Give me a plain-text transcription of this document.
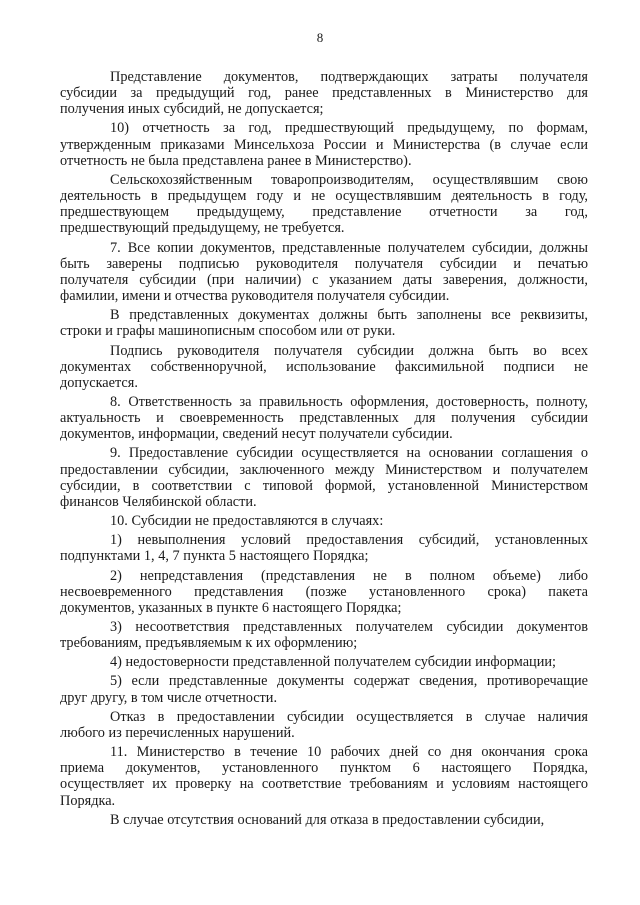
8
Представление документов, подтверждающих затраты получателя
субсидии за предыдущий год, ранее представленных в Министерство для
получения иных субсидий, не допускается;
10) отчетность за год, предшествующий предыдущему, по формам,
утвержденным приказами Минсельхоза России и Министерства (в случае если
отчетность не была представлена ранее в Министерство).
Сельскохозяйственным товаропроизводителям, осуществлявшим свою
деятельность в предыдущем году и не осуществлявшим деятельность в году,
предшествующем предыдущему, представление отчетности за год,
предшествующий предыдущему, не требуется.
7. Все копии документов, представленные получателем субсидии, должны
быть заверены подписью руководителя получателя субсидии и печатью
получателя субсидии (при наличии) с указанием даты заверения, должности,
фамилии, имени и отчества руководителя получателя субсидии.
В представленных документах должны быть заполнены все реквизиты,
строки и графы машинописным способом или от руки.
Подпись руководителя получателя субсидии должна быть во всех
документах собственноручной, использование факсимильной подписи не
допускается.
8. Ответственность за правильность оформления, достоверность, полноту,
актуальность и своевременность представленных для получения субсидии
документов, информации, сведений несут получатели субсидии.
9. Предоставление субсидии осуществляется на основании соглашения о
предоставлении субсидии, заключенного между Министерством и получателем
субсидии, в соответствии с типовой формой, установленной Министерством
финансов Челябинской области.
10. Субсидии не предоставляются в случаях:
1) невыполнения условий предоставления субсидий, установленных
подпунктами 1, 4, 7 пункта 5 настоящего Порядка;
2) непредставления (представления не в полном объеме) либо
несвоевременного представления (позже установленного срока) пакета
документов, указанных в пункте 6 настоящего Порядка;
3) несоответствия представленных получателем субсидии документов
требованиям, предъявляемым к их оформлению;
4) недостоверности представленной получателем субсидии информации;
5) если представленные документы содержат сведения, противоречащие
друг другу, в том числе отчетности.
Отказ в предоставлении субсидии осуществляется в случае наличия
любого из перечисленных нарушений.
11. Министерство в течение 10 рабочих дней со дня окончания срока
приема документов, установленного пунктом 6 настоящего Порядка,
осуществляет их проверку на соответствие требованиям и условиям настоящего
Порядка.
В случае отсутствия оснований для отказа в предоставлении субсидии,
